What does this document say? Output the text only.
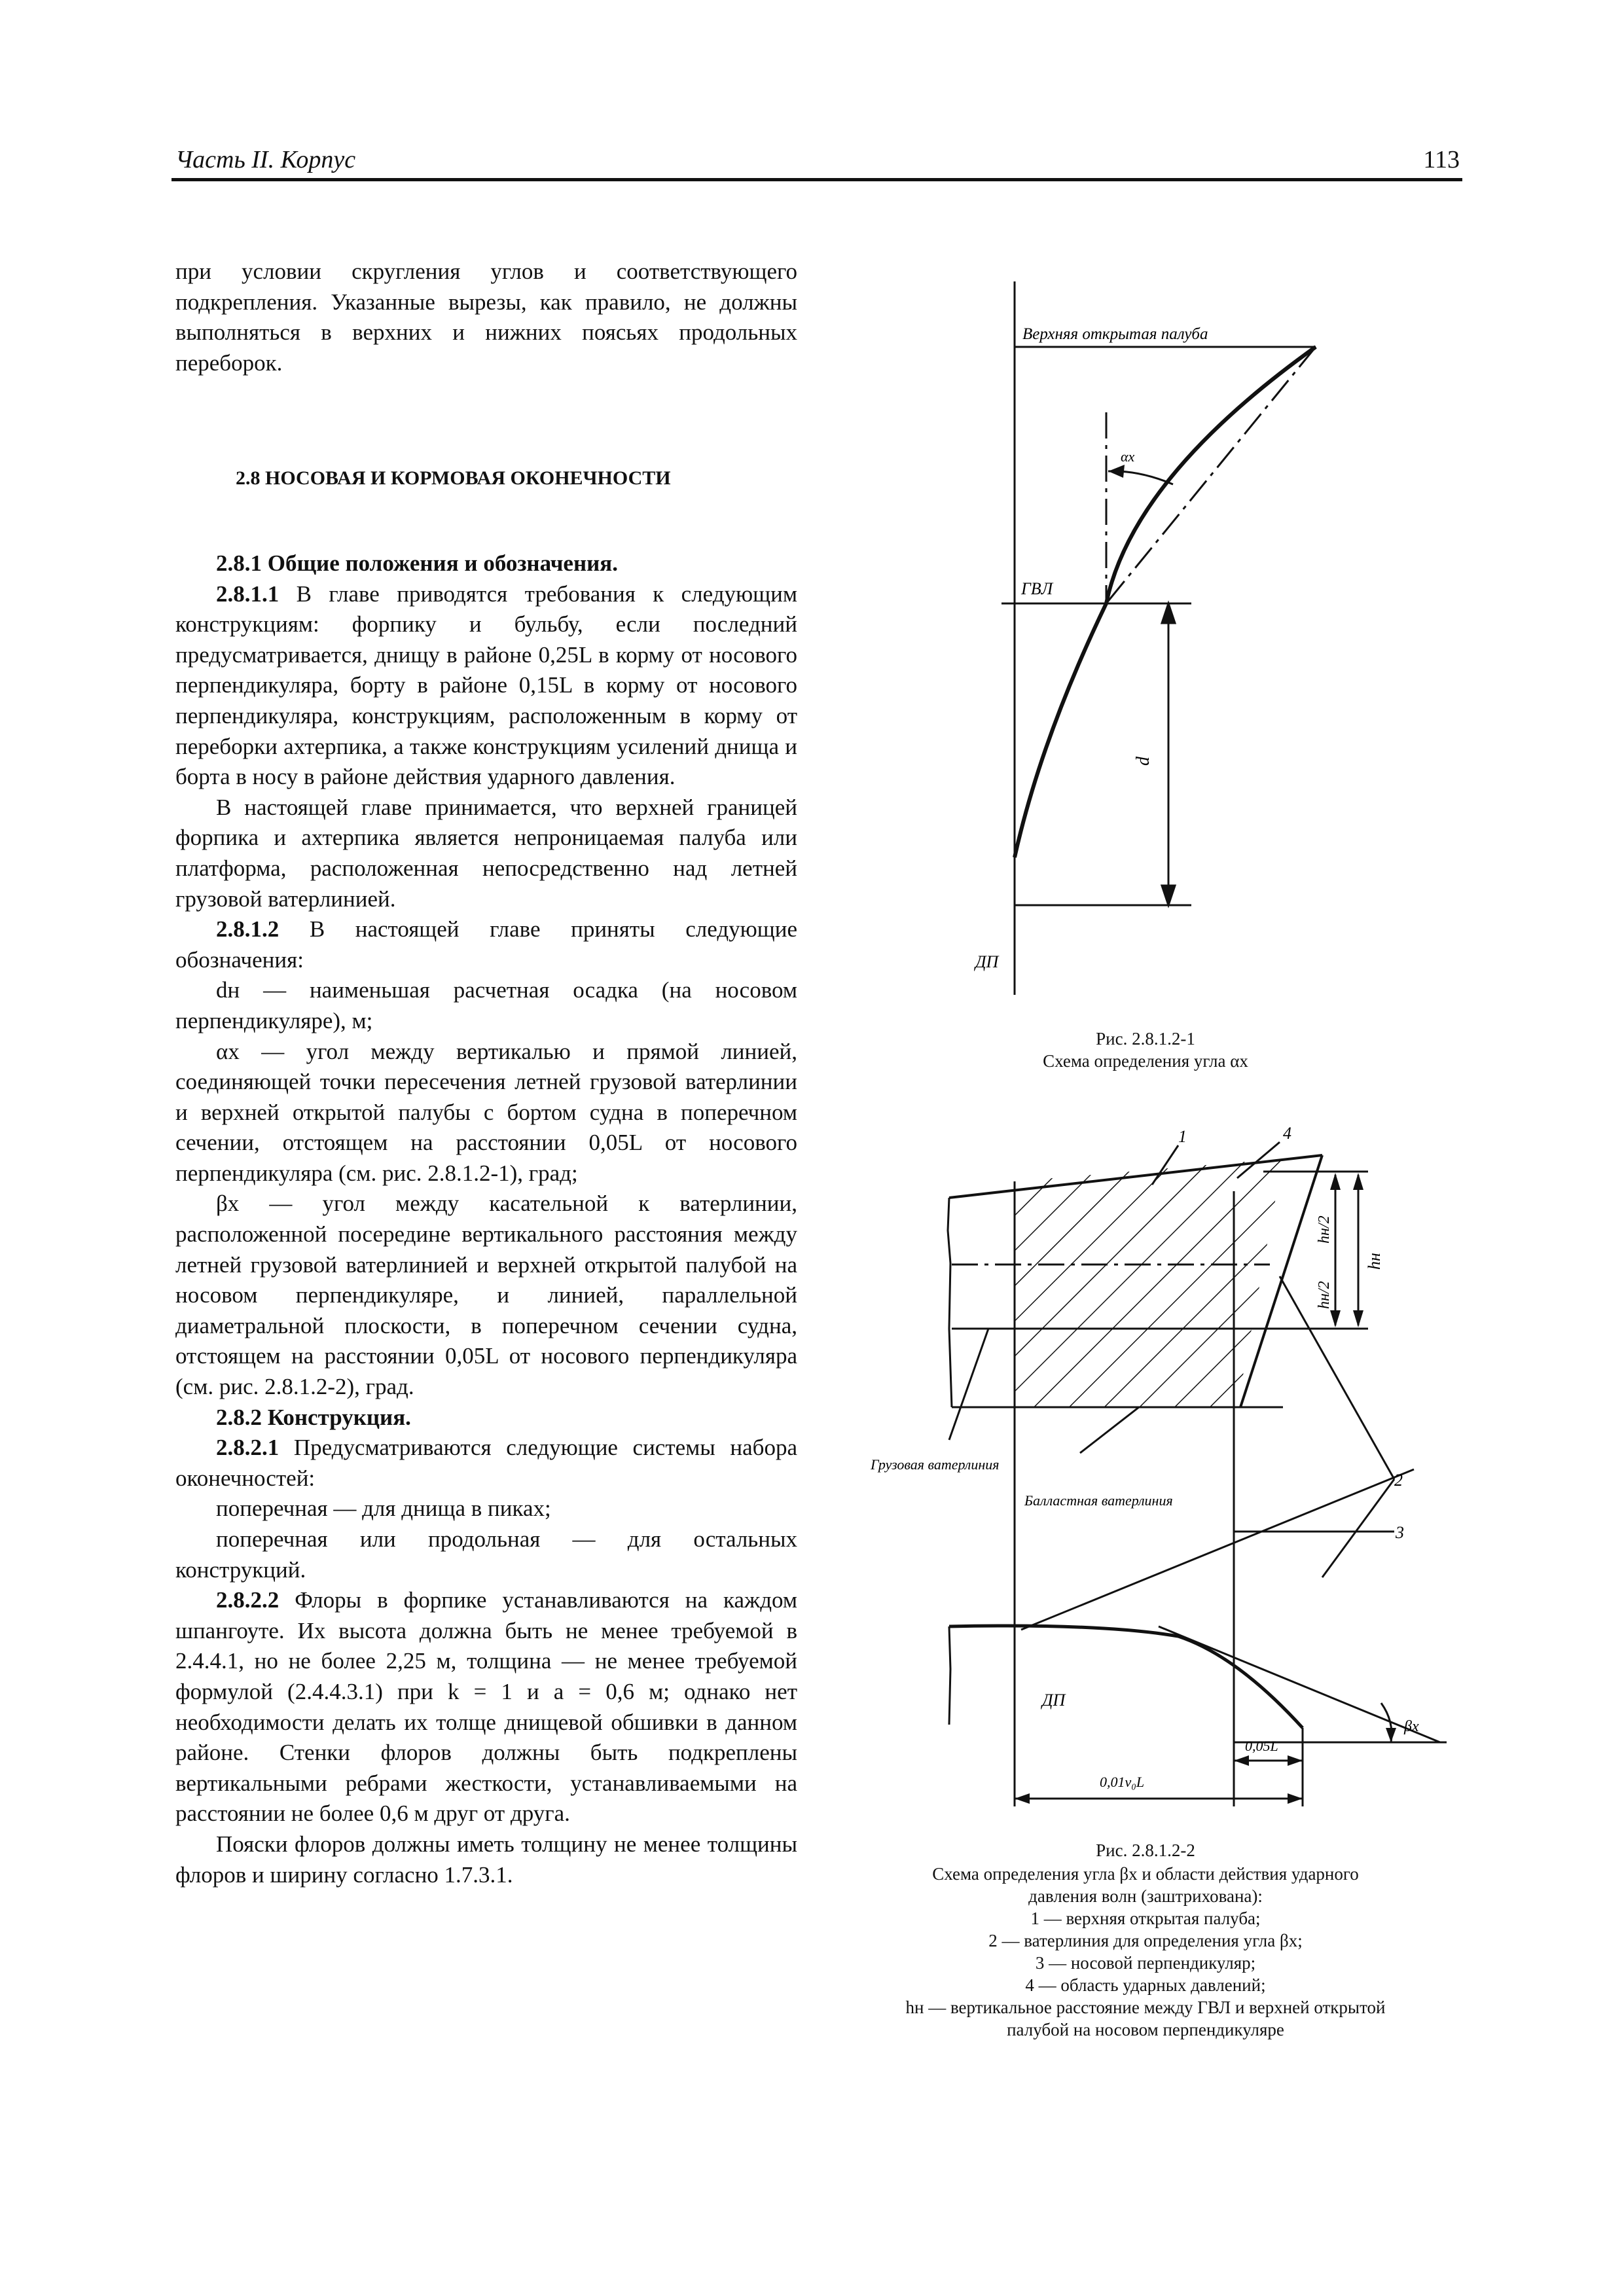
Часть II. Корпус	113

при условии скругления углов и соответствующего подкрепления. Указанные вырезы, как правило, не должны выполняться в верхних и нижних поясьях продольных переборок.

2.8 НОСОВАЯ И КОРМОВАЯ ОКОНЕЧНОСТИ

2.8.1 Общие положения и обозначения.

2.8.1.1 В главе приводятся требования к следующим конструкциям: форпику и бульбу, если последний предусматривается, днищу в районе 0,25L в корму от носового перпендикуляра, борту в районе 0,15L в корму от носового перпендикуляра, конструкциям, расположенным в корму от переборки ахтерпика, а также конструкциям усилений днища и борта в носу в районе действия ударного давления.

В настоящей главе принимается, что верхней границей форпика и ахтерпика является непроницаемая палуба или платформа, расположенная непосредственно над летней грузовой ватерлинией.

2.8.1.2 В настоящей главе приняты следующие обозначения:

dн — наименьшая расчетная осадка (на носовом перпендикуляре), м;

αx — угол между вертикалью и прямой линией, соединяющей точки пересечения летней грузовой ватерлинии и верхней открытой палубы с бортом судна в поперечном сечении, отстоящем на расстоянии 0,05L от носового перпендикуляра (см. рис. 2.8.1.2-1), град;

βx — угол между касательной к ватерлинии, расположенной посередине вертикального расстояния между летней грузовой ватерлинией и верхней открытой палубой на носовом перпендикуляре, и линией, параллельной диаметральной плоскости, в поперечном сечении судна, отстоящем на расстоянии 0,05L от носового перпендикуляра (см. рис. 2.8.1.2-2), град.

2.8.2 Конструкция.

2.8.2.1 Предусматриваются следующие системы набора оконечностей:

поперечная — для днища в пиках;

поперечная или продольная — для остальных конструкций.

2.8.2.2 Флоры в форпике устанавливаются на каждом шпангоуте. Их высота должна быть не менее требуемой в 2.4.4.1, но не более 2,25 м, толщина — не менее требуемой формулой (2.4.4.3.1) при k = 1 и a = 0,6 м; однако нет необходимости делать их толще днищевой обшивки в данном районе. Стенки флоров должны быть подкреплены вертикальными ребрами жесткости, устанавливаемыми на расстоянии не более 0,6 м друг от друга.

Пояски флоров должны иметь толщину не менее толщины флоров и ширину согласно 1.7.3.1.

Верхняя открытая палуба
ГВЛ
ДП
αx
d
Рис. 2.8.1.2-1
Схема определения угла αx
1	4
2
3
hн/2
hн/2
hн
Грузовая ватерлиния
Балластная ватерлиния
ДП
βx
0,05L
0,01v₀L
Рис. 2.8.1.2-2
Схема определения угла βx и области действия ударного
давления волн (заштрихована):
1 — верхняя открытая палуба;
2 — ватерлиния для определения угла βx;
3 — носовой перпендикуляр;
4 — область ударных давлений;
hн — вертикальное расстояние между ГВЛ и верхней открытой
палубой на носовом перпендикуляре
